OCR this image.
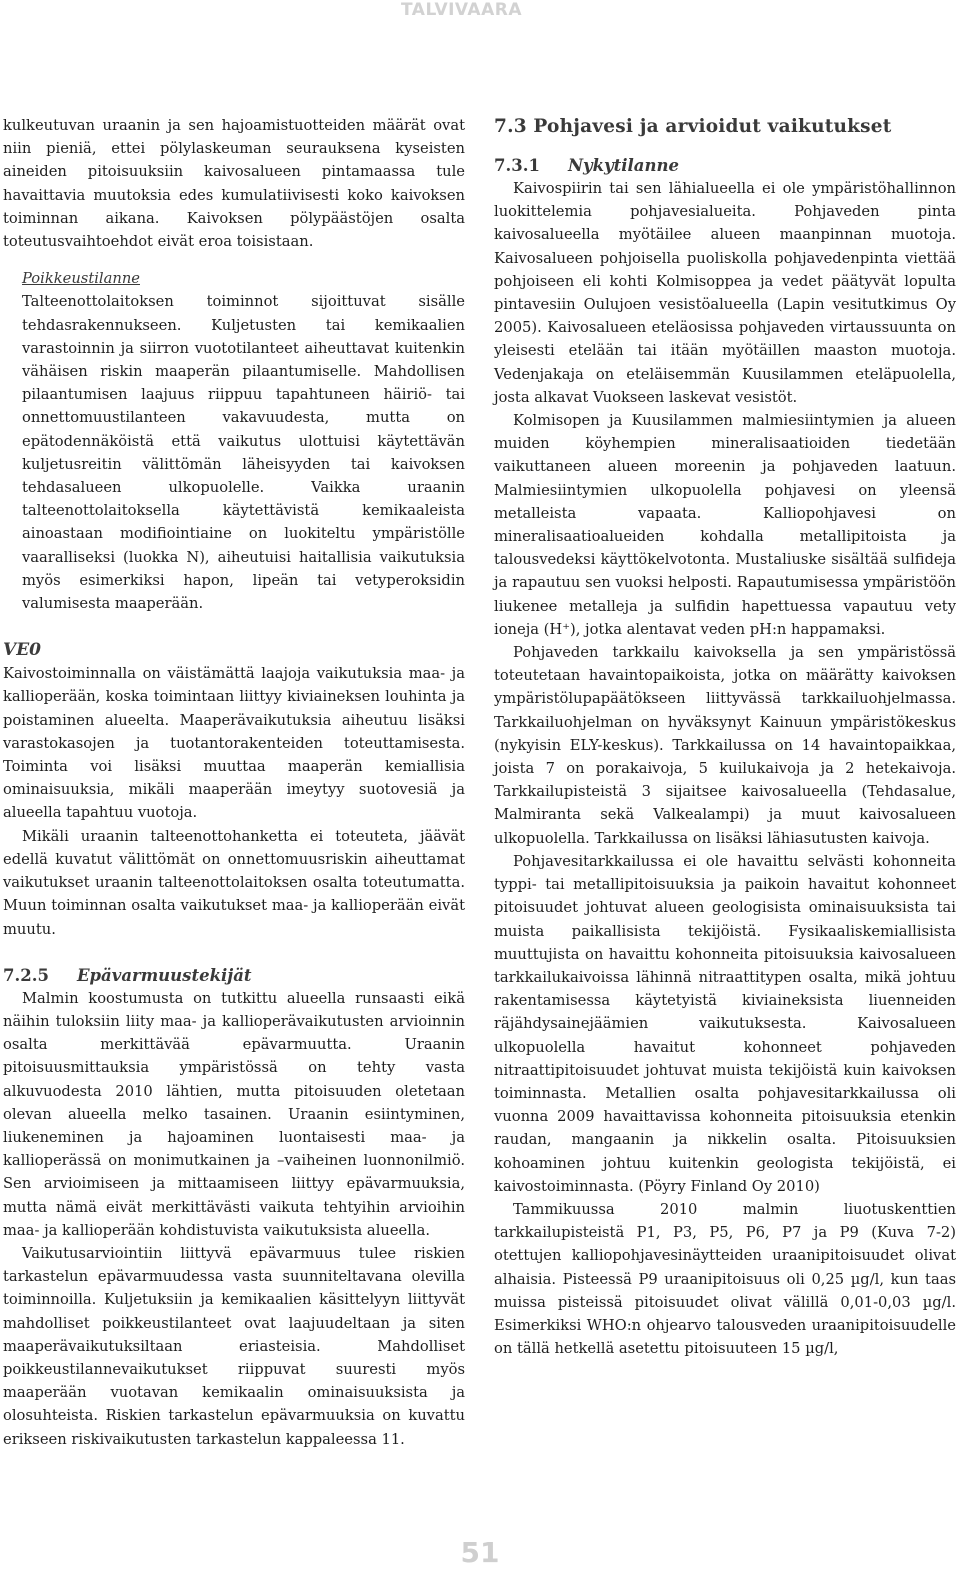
TALVIVAARA

kulkeutuvan uraanin ja sen hajoamistuotteiden määrät ovat niin pieniä, ettei pölylaskeuman seurauksena kyseisten aineiden pitoisuuksiin kaivosalueen pintamaassa tule havaittavia muutoksia edes kumulatiivisesti koko kaivoksen toiminnan aikana. Kaivoksen pölypäästöjen osalta toteutusvaihtoehdot eivät eroa toisistaan.

Poikkeustilanne

Talteenottolaitoksen toiminnot sijoittuvat sisälle tehdasrakennukseen. Kuljetusten tai kemikaalien varastoinnin ja siirron vuototilanteet aiheuttavat kuitenkin vähäisen riskin maaperän pilaantumiselle. Mahdollisen pilaantumisen laajuus riippuu tapahtuneen häiriö- tai onnettomuustilanteen vakavuudesta, mutta on epätodennäköistä että vaikutus ulottuisi käytettävän kuljetusreitin välittömän läheisyyden tai kaivoksen tehdasalueen ulkopuolelle. Vaikka uraanin talteenottolaitoksella käytettävistä kemikaaleista ainoastaan modifiointiaine on luokiteltu ympäristölle vaaralliseksi (luokka N), aiheutuisi haitallisia vaikutuksia myös esimerkiksi hapon, lipeän tai vetyperoksidin valumisesta maaperään.

VE0

Kaivostoiminnalla on väistämättä laajoja vaikutuksia maa- ja kallioperään, koska toimintaan liittyy kiviaineksen louhinta ja poistaminen alueelta. Maaperävaikutuksia aiheutuu lisäksi varastokasojen ja tuotantorakenteiden toteuttamisesta. Toiminta voi lisäksi muuttaa maaperän kemiallisia ominaisuuksia, mikäli maaperään imeytyy suotovesiä ja alueella tapahtuu vuotoja.

Mikäli uraanin talteenottohanketta ei toteuteta, jäävät edellä kuvatut välittömät on onnettomuusriskin aiheuttamat vaikutukset uraanin talteenottolaitoksen osalta toteutumatta. Muun toiminnan osalta vaikutukset maa- ja kallioperään eivät muutu.

7.2.5 Epävarmuustekijät

Malmin koostumusta on tutkittu alueella runsaasti eikä näihin tuloksiin liity maa- ja kallioperävaikutusten arvioinnin osalta merkittävää epävarmuutta. Uraanin pitoisuusmittauksia ympäristössä on tehty vasta alkuvuodesta 2010 lähtien, mutta pitoisuuden oletetaan olevan alueella melko tasainen. Uraanin esiintyminen, liukeneminen ja hajoaminen luontaisesti maa- ja kallioperässä on monimutkainen ja –vaiheinen luonnonilmiö. Sen arvioimiseen ja mittaamiseen liittyy epävarmuuksia, mutta nämä eivät merkittävästi vaikuta tehtyihin arvioihin maa- ja kallioperään kohdistuvista vaikutuksista alueella.

Vaikutusarviointiin liittyvä epävarmuus tulee riskien tarkastelun epävarmuudessa vasta suunniteltavana olevilla toiminnoilla. Kuljetuksiin ja kemikaalien käsittelyyn liittyvät mahdolliset poikkeustilanteet ovat laajuudeltaan ja siten maaperävaikutuksiltaan eriasteisia. Mahdolliset poikkeustilannevaikutukset riippuvat suuresti myös maaperään vuotavan kemikaalin ominaisuuksista ja olosuhteista. Riskien tarkastelun epävarmuuksia on kuvattu erikseen riskivaikutusten tarkastelun kappaleessa 11.

7.3 Pohjavesi ja arvioidut vaikutukset
7.3.1 Nykytilanne

Kaivospiirin tai sen lähialueella ei ole ympäristöhallinnon luokittelemia pohjavesialueita. Pohjaveden pinta kaivosalueella myötäilee alueen maanpinnan muotoja. Kaivosalueen pohjoisella puoliskolla pohjavedenpinta viettää pohjoiseen eli kohti Kolmisoppea ja vedet päätyvät lopulta pintavesiin Oulujoen vesistöalueella (Lapin vesitutkimus Oy 2005). Kaivosalueen eteläosissa pohjaveden virtaussuunta on yleisesti etelään tai itään myötäillen maaston muotoja. Vedenjakaja on eteläisemmän Kuusilammen eteläpuolella, josta alkavat Vuokseen laskevat vesistöt.

Kolmisopen ja Kuusilammen malmiesiintymien ja alueen muiden köyhempien mineralisaatioiden tiedetään vaikuttaneen alueen moreenin ja pohjaveden laatuun. Malmiesiintymien ulkopuolella pohjavesi on yleensä metalleista vapaata. Kalliopohjavesi on mineralisaatioalueiden kohdalla metallipitoista ja talousvedeksi käyttökelvotonta. Mustaliuske sisältää sulfideja ja rapautuu sen vuoksi helposti. Rapautumisessa ympäristöön liukenee metalleja ja sulfidin hapettuessa vapautuu vety ioneja (H⁺), jotka alentavat veden pH:n happamaksi.

Pohjaveden tarkkailu kaivoksella ja sen ympäristössä toteutetaan havaintopaikoista, jotka on määrätty kaivoksen ympäristölupapäätökseen liittyvässä tarkkailuohjelmassa. Tarkkailuohjelman on hyväksynyt Kainuun ympäristökeskus (nykyisin ELY-keskus). Tarkkailussa on 14 havaintopaikkaa, joista 7 on porakaivoja, 5 kuilukaivoja ja 2 hetekaivoja. Tarkkailupisteistä 3 sijaitsee kaivosalueella (Tehdasalue, Malmiranta sekä Valkealampi) ja muut kaivosalueen ulkopuolella. Tarkkailussa on lisäksi lähiasutusten kaivoja.

Pohjavesitarkkailussa ei ole havaittu selvästi kohonneita typpi- tai metallipitoisuuksia ja paikoin havaitut kohonneet pitoisuudet johtuvat alueen geologisista ominaisuuksista tai muista paikallisista tekijöistä. Fysikaaliskemiallisista muuttujista on havaittu kohonneita pitoisuuksia kaivosalueen tarkkailukaivoissa lähinnä nitraattitypen osalta, mikä johtuu rakentamisessa käytetyistä kiviaineksista liuenneiden räjähdysainejäämien vaikutuksesta. Kaivosalueen ulkopuolella havaitut kohonneet pohjaveden nitraattipitoisuudet johtuvat muista tekijöistä kuin kaivoksen toiminnasta. Metallien osalta pohjavesitarkkailussa oli vuonna 2009 havaittavissa kohonneita pitoisuuksia etenkin raudan, mangaanin ja nikkelin osalta. Pitoisuuksien kohoaminen johtuu kuitenkin geologista tekijöistä, ei kaivostoiminnasta. (Pöyry Finland Oy 2010)

Tammikuussa 2010 malmin liuotuskenttien tarkkailupisteistä P1, P3, P5, P6, P7 ja P9 (Kuva 7-2) otettujen kalliopohjavesinäytteiden uraanipitoisuudet olivat alhaisia. Pisteessä P9 uraanipitoisuus oli 0,25 µg/l, kun taas muissa pisteissä pitoisuudet olivat välillä 0,01-0,03 µg/l. Esimerkiksi WHO:n ohjearvo talousveden uraanipitoisuudelle on tällä hetkellä asetettu pitoisuuteen 15 µg/l,

51
